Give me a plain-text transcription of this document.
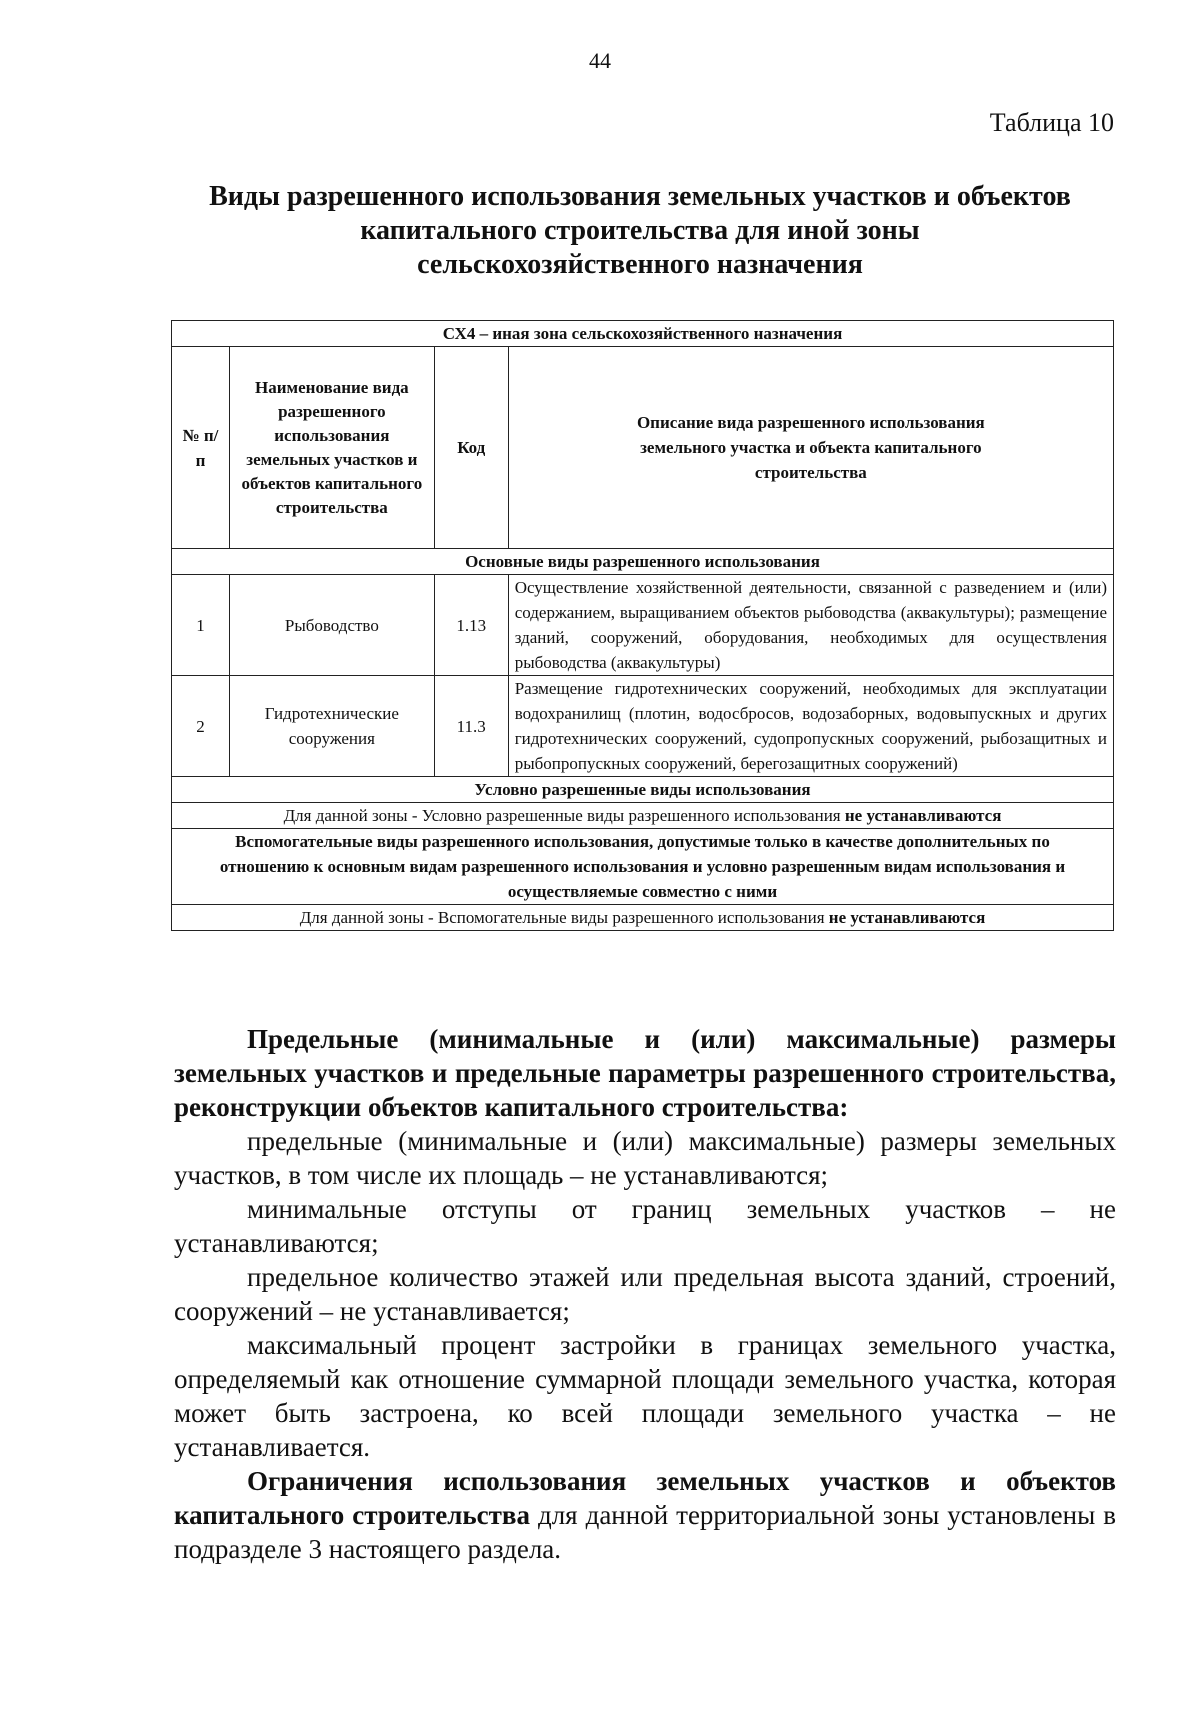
44
Таблица 10
Виды разрешенного использования земельных участков и объектов
капитального строительства для иной зоны
сельскохозяйственного назначения
СХ4 – иная зона сельскохозяйственного назначения			
№ п/п	Наименование вида разрешенного использования земельных участков и объектов капитального строительства	Код	Описание вида разрешенного использования земельного участка и объекта капитального строительства
Основные виды разрешенного использования			
1	Рыбоводство	1.13	Осуществление хозяйственной деятельности, связанной с разведением и (или) содержанием, выращиванием объектов рыбоводства (аквакультуры); размещение зданий, сооружений, оборудования, необходимых для осуществления рыбоводства (аквакультуры)
2	Гидротехнические сооружения	11.3	Размещение гидротехнических сооружений, необходимых для эксплуатации водохранилищ (плотин, водосбросов, водозаборных, водовыпускных и других гидротехнических сооружений, судопропускных сооружений, рыбозащитных и рыбопропускных сооружений, берегозащитных сооружений)
Условно разрешенные виды использования			
Для данной зоны - Условно разрешенные виды разрешенного использования не устанавливаются			
Вспомогательные виды разрешенного использования, допустимые только в качестве дополнительных по отношению к основным видам разрешенного использования и условно разрешенным видам использования и осуществляемые совместно с ними			
Для данной зоны - Вспомогательные виды разрешенного использования не устанавливаются			

Предельные (минимальные и (или) максимальные) размеры земельных участков и предельные параметры разрешенного строительства, реконструкции объектов капитального строительства:

предельные (минимальные и (или) максимальные) размеры земельных участков, в том числе их площадь – не устанавливаются;

минимальные отступы от границ земельных участков – не устанавливаются;

предельное количество этажей или предельная высота зданий, строений, сооружений – не устанавливается;

максимальный процент застройки в границах земельного участка, определяемый как отношение суммарной площади земельного участка, которая может быть застроена, ко всей площади земельного участка – не устанавливается.

Ограничения использования земельных участков и объектов капитального строительства для данной территориальной зоны установлены в подразделе 3 настоящего раздела.
